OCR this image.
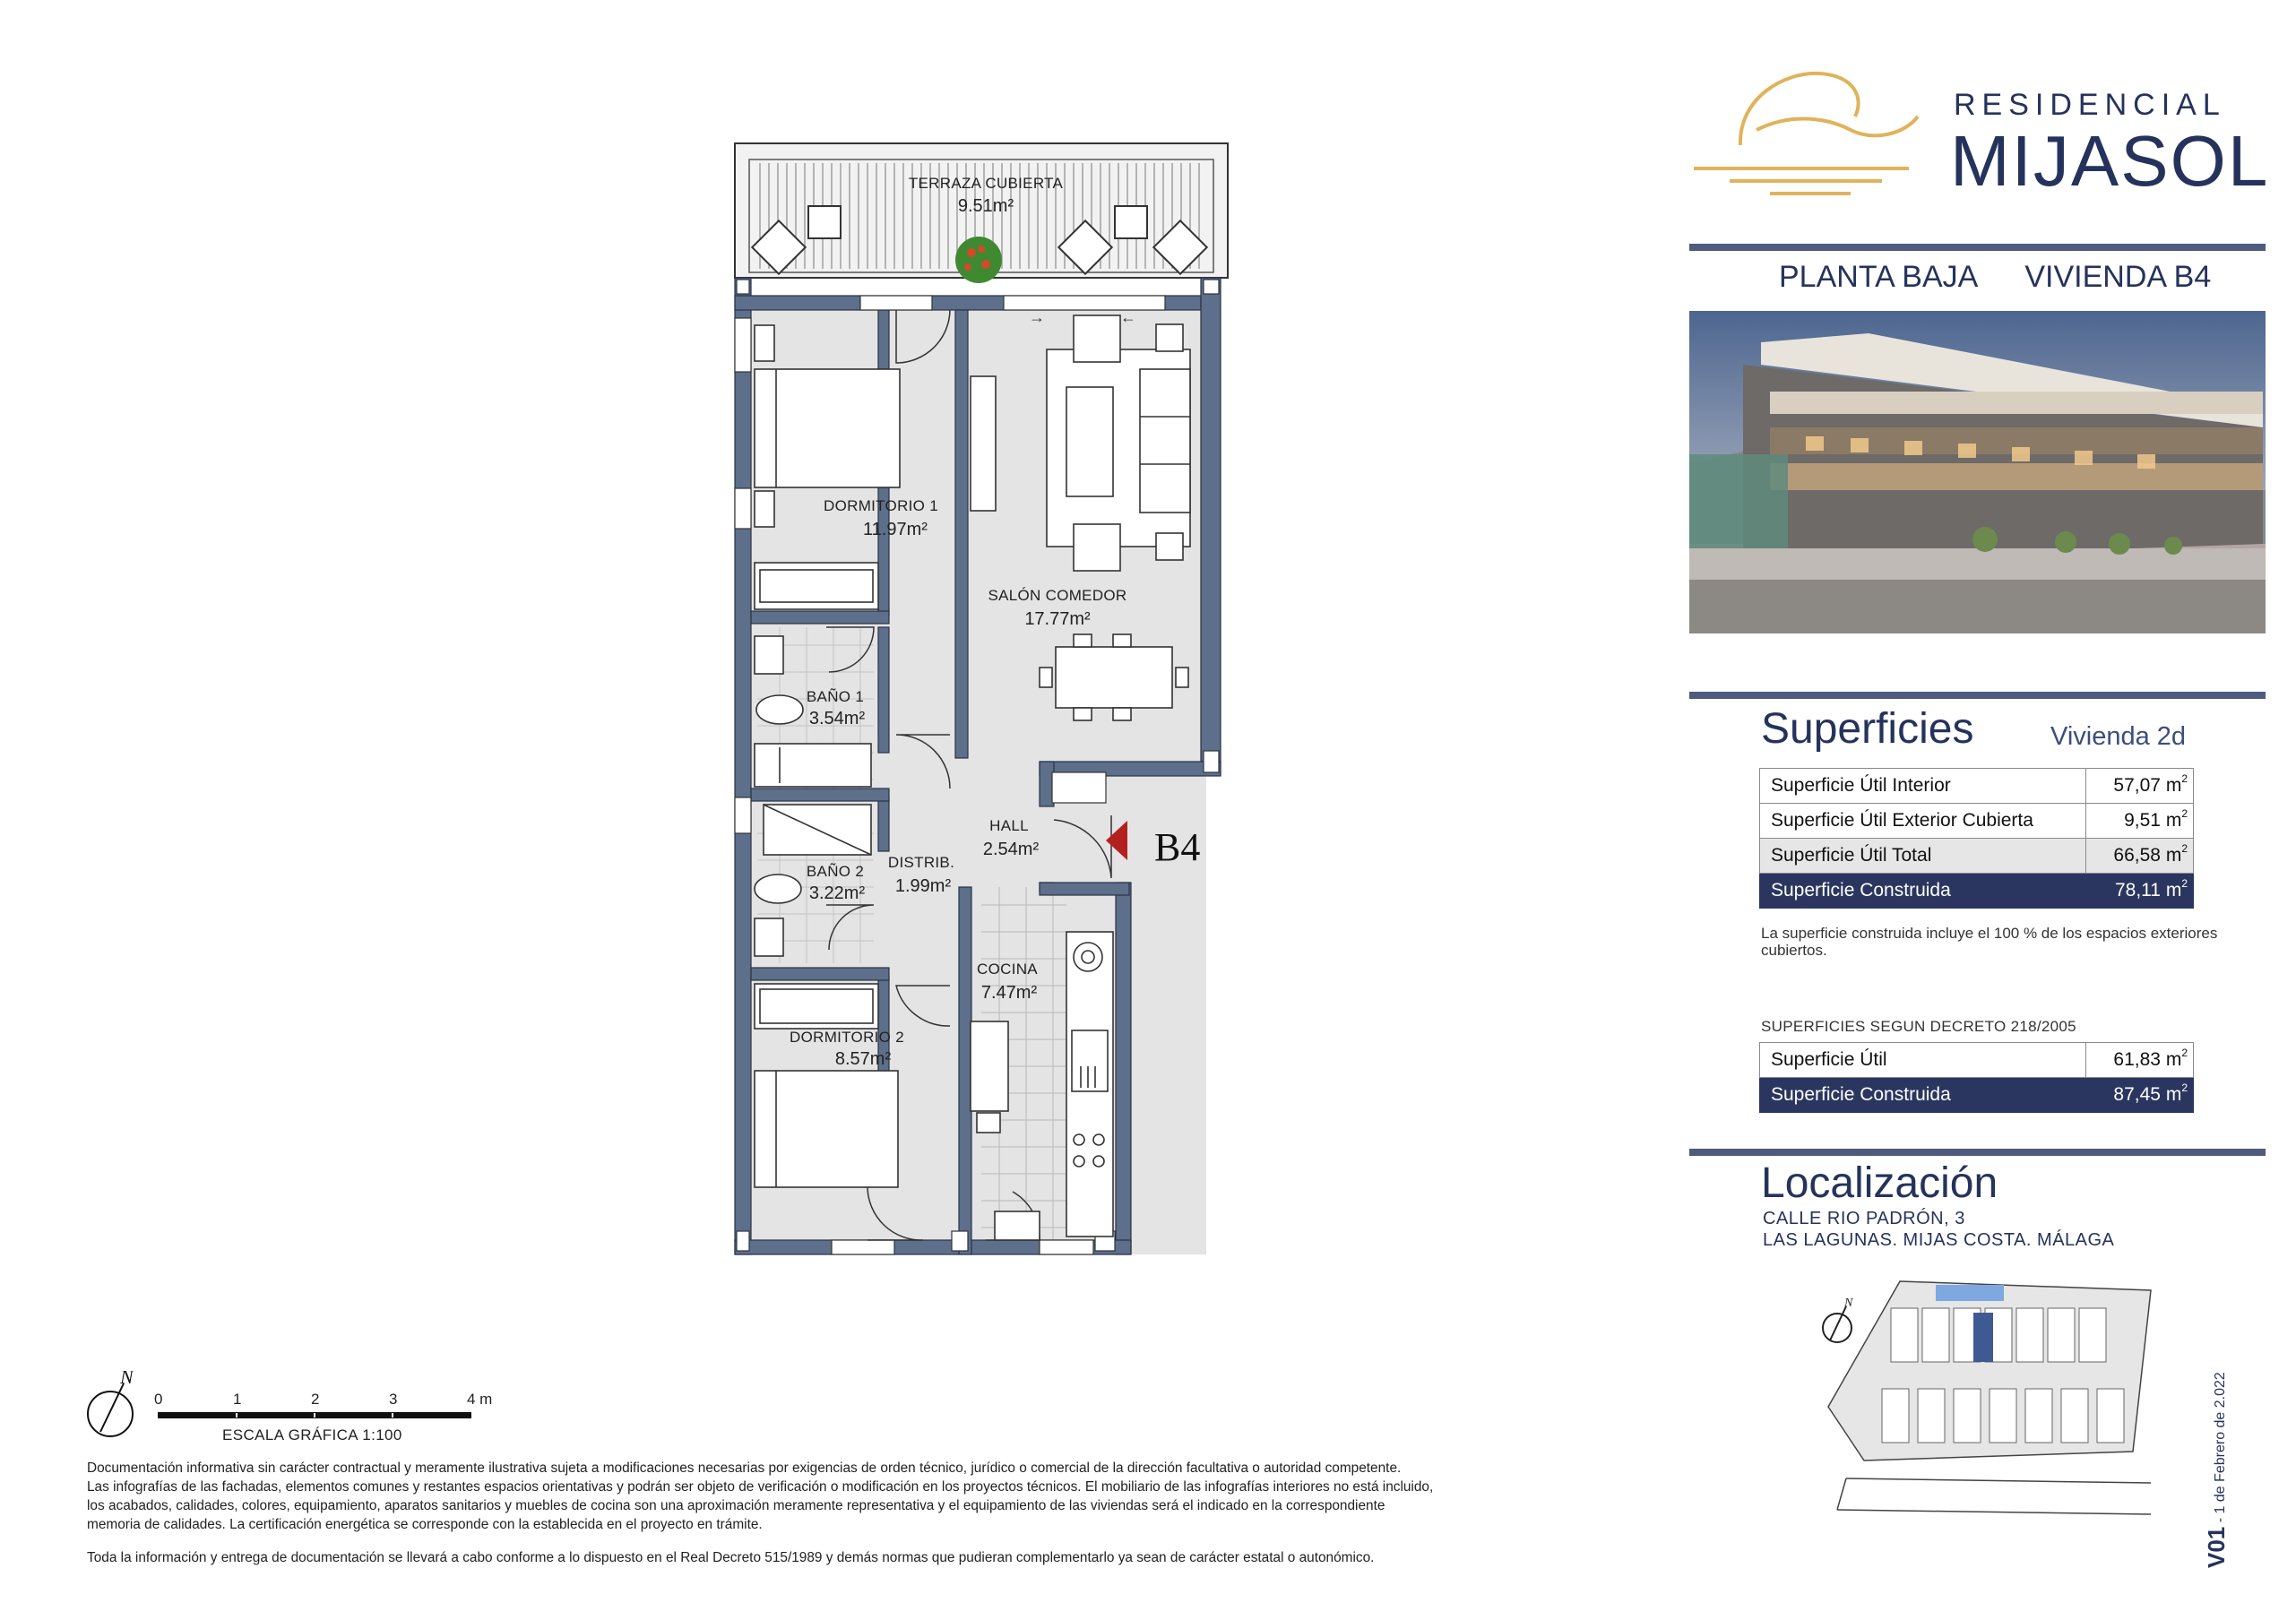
→	←
TERRAZA CUBIERTA
9.51m²
DORMITORIO 1
11.97m²
SALÓN COMEDOR
17.77m²
BAÑO 1
3.54m²
HALL
2.54m²
BAÑO 2
3.22m²
DISTRIB.
1.99m²
COCINA
7.47m²
DORMITORIO 2
8.57m²
B4
N
0	1	2	3	4 m
ESCALA GRÁFICA 1:100

Documentación informativa sin carácter contractual y meramente ilustrativa sujeta a modificaciones necesarias por exigencias de orden técnico, jurídico o comercial de la dirección facultativa o autoridad competente.

Las infografías de las fachadas, elementos comunes y restantes espacios orientativas y podrán ser objeto de verificación o modificación en los proyectos técnicos. El mobiliario de las infografías interiores no está incluido,

los acabados, calidades, colores, equipamiento, aparatos sanitarios y muebles de cocina son una aproximación meramente representativa y el equipamiento de las viviendas será el indicado en la correspondiente

memoria de calidades. La certificación energética se corresponde con la establecida en el proyecto en trámite.

Toda la información y entrega de documentación se llevará a cabo conforme a lo dispuesto en el Real Decreto 515/1989 y demás normas que pudieran complementarlo ya sean de carácter estatal o autonómico.

RESIDENCIAL
MIJASOL
PLANTA BAJA VIVIENDA B4
Superficies	Vivienda 2d
Superficie Útil Interior	57,07 $m^2$
Superficie Útil Exterior Cubierta	9,51 $m^2$
Superficie Útil Total	66,58 $m^2$
Superficie Construida	78,11 $m^2$
La superficie construida incluye el 100 % de los espacios exteriores cubiertos.
SUPERFICIES SEGUN DECRETO 218/2005
Superficie Útil	61,83 $m^2$
Superficie Construida	87,45 $m^2$
Localización
CALLE RIO PADRÓN, 3
LAS LAGUNAS. MIJAS COSTA. MÁLAGA
N
V01 - 1 de Febrero de 2.022
